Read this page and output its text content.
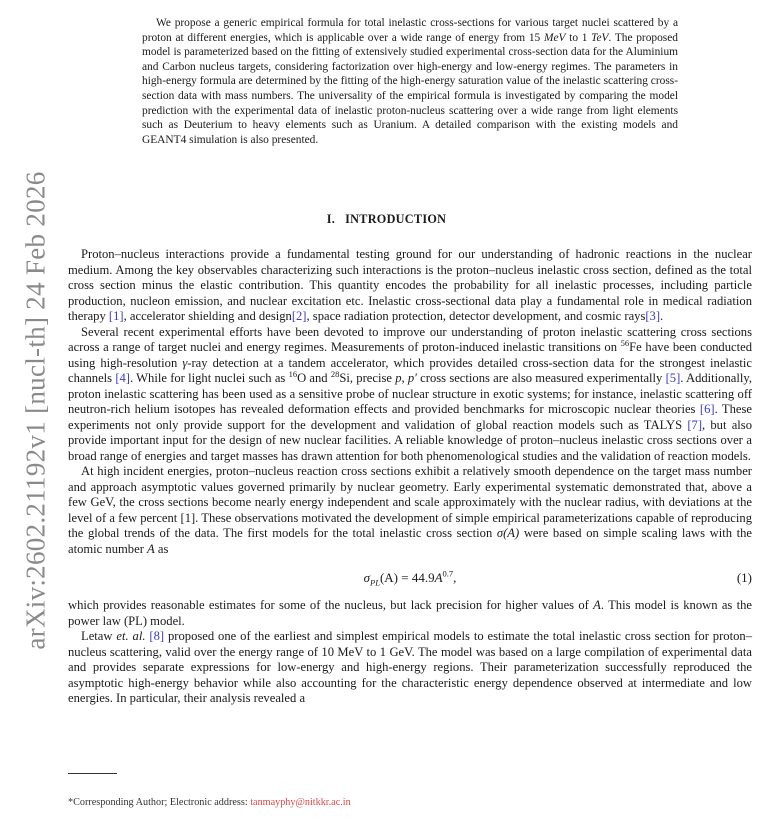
arXiv:2602.21192v1 [nucl-th] 24 Feb 2026
We propose a generic empirical formula for total inelastic cross-sections for various target nuclei scattered by a proton at different energies, which is applicable over a wide range of energy from 15 MeV to 1 TeV. The proposed model is parameterized based on the fitting of extensively studied experimental cross-section data for the Aluminium and Carbon nucleus targets, considering factorization over high-energy and low-energy regimes. The parameters in high-energy formula are determined by the fitting of the high-energy saturation value of the inelastic scattering cross-section data with mass numbers. The universality of the empirical formula is investigated by comparing the model prediction with the experimental data of inelastic proton-nucleus scattering over a wide range from light elements such as Deuterium to heavy elements such as Uranium. A detailed comparison with the existing models and GEANT4 simulation is also presented.
I. INTRODUCTION

Proton–nucleus interactions provide a fundamental testing ground for our understanding of hadronic reactions in the nuclear medium. Among the key observables characterizing such interactions is the proton–nucleus inelastic cross section, defined as the total cross section minus the elastic contribution. This quantity encodes the probability for all inelastic processes, including particle production, nucleon emission, and nuclear excitation etc. Inelastic cross-sectional data play a fundamental role in medical radiation therapy [1], accelerator shielding and design[2], space radiation protection, detector development, and cosmic rays[3].

Several recent experimental efforts have been devoted to improve our understanding of proton inelastic scattering cross sections across a range of target nuclei and energy regimes. Measurements of proton-induced inelastic transitions on $^{56}$Fe have been conducted using high-resolution γ-ray detection at a tandem accelerator, which provides detailed cross-section data for the strongest inelastic channels [4]. While for light nuclei such as $^{16}$O and $^{28}$Si, precise p, p′ cross sections are also measured experimentally [5]. Additionally, proton inelastic scattering has been used as a sensitive probe of nuclear structure in exotic systems; for instance, inelastic scattering off neutron-rich helium isotopes has revealed deformation effects and provided benchmarks for microscopic nuclear theories [6]. These experiments not only provide support for the development and validation of global reaction models such as TALYS [7], but also provide important input for the design of new nuclear facilities. A reliable knowledge of proton–nucleus inelastic cross sections over a broad range of energies and target masses has drawn attention for both phenomenological studies and the validation of reaction models.

At high incident energies, proton–nucleus reaction cross sections exhibit a relatively smooth dependence on the target mass number and approach asymptotic values governed primarily by nuclear geometry. Early experimental systematic demonstrated that, above a few GeV, the cross sections become nearly energy independent and scale approximately with the nuclear radius, with deviations at the level of a few percent [1]. These observations motivated the development of simple empirical parameterizations capable of reproducing the global trends of the data. The first models for the total inelastic cross section σ(A) were based on simple scaling laws with the atomic number A as

$\sigma_{PL}(A) = 44.9A^{0.7}$,	(1)

which provides reasonable estimates for some of the nucleus, but lack precision for higher values of A. This model is known as the power law (PL) model.

Letaw et. al. [8] proposed one of the earliest and simplest empirical models to estimate the total inelastic cross section for proton–nucleus scattering, valid over the energy range of 10 MeV to 1 GeV. The model was based on a large compilation of experimental data and provides separate expressions for low-energy and high-energy regions. Their parameterization successfully reproduced the asymptotic high-energy behavior while also accounting for the characteristic energy dependence observed at intermediate and low energies. In particular, their analysis revealed a

*Corresponding Author; Electronic address: tanmayphy@nitkkr.ac.in
